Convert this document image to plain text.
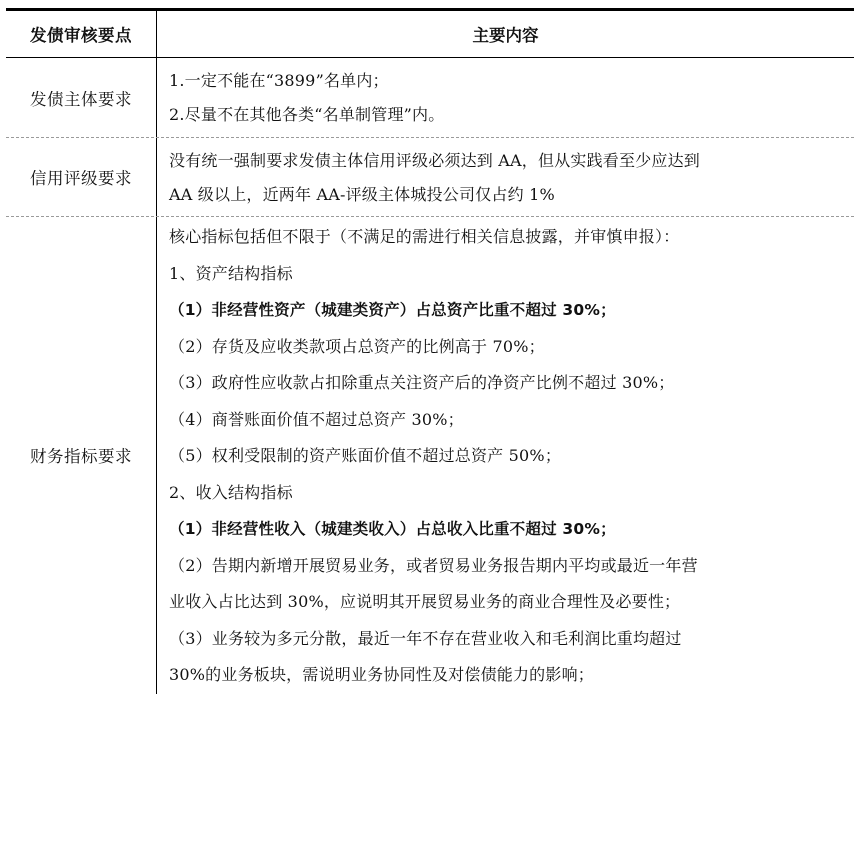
发债审核要点	主要内容
发债主体要求
1.一定不能在“3899”名单内；
2.尽量不在其他各类“名单制管理”内。
信用评级要求
没有统一强制要求发债主体信用评级必须达到 AA，但从实践看至少应达到
AA 级以上，近两年 AA-评级主体城投公司仅占约 1%
财务指标要求
核心指标包括但不限于（不满足的需进行相关信息披露，并审慎申报）：
1、资产结构指标
（1）非经营性资产（城建类资产）占总资产比重不超过 30%；
（2）存货及应收类款项占总资产的比例高于 70%；
（3）政府性应收款占扣除重点关注资产后的净资产比例不超过 30%；
（4）商誉账面价值不超过总资产 30%；
（5）权利受限制的资产账面价值不超过总资产 50%；
2、收入结构指标
（1）非经营性收入（城建类收入）占总收入比重不超过 30%；
（2）告期内新增开展贸易业务，或者贸易业务报告期内平均或最近一年营
业收入占比达到 30%，应说明其开展贸易业务的商业合理性及必要性；
（3）业务较为多元分散，最近一年不存在营业收入和毛利润比重均超过
30%的业务板块，需说明业务协同性及对偿债能力的影响；
